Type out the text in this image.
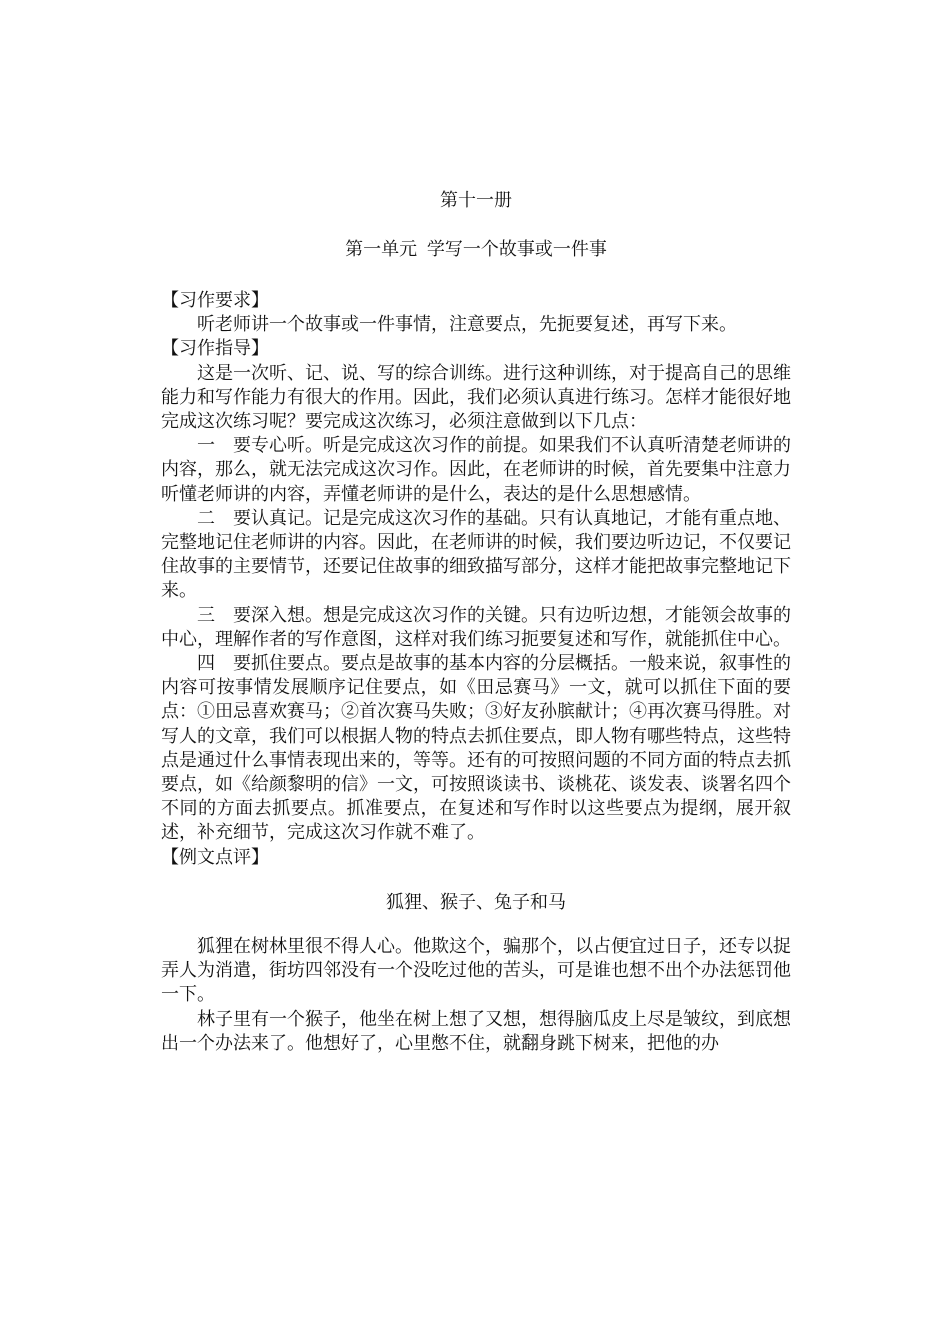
第十一册
第一单元 学写一个故事或一件事

【习作要求】

听老师讲一个故事或一件事情，注意要点，先扼要复述，再写下来。

【习作指导】

这是一次听、记、说、写的综合训练。进行这种训练，对于提高自己的思维能力和写作能力有很大的作用。因此，我们必须认真进行练习。怎样才能很好地完成这次练习呢？要完成这次练习，必须注意做到以下几点：

一　要专心听。听是完成这次习作的前提。如果我们不认真听清楚老师讲的内容，那么，就无法完成这次习作。因此，在老师讲的时候，首先要集中注意力听懂老师讲的内容，弄懂老师讲的是什么，表达的是什么思想感情。

二　要认真记。记是完成这次习作的基础。只有认真地记，才能有重点地、完整地记住老师讲的内容。因此，在老师讲的时候，我们要边听边记，不仅要记住故事的主要情节，还要记住故事的细致描写部分，这样才能把故事完整地记下来。

三　要深入想。想是完成这次习作的关键。只有边听边想，才能领会故事的中心，理解作者的写作意图，这样对我们练习扼要复述和写作，就能抓住中心。

四　要抓住要点。要点是故事的基本内容的分层概括。一般来说，叙事性的内容可按事情发展顺序记住要点，如《田忌赛马》一文，就可以抓住下面的要点：①田忌喜欢赛马；②首次赛马失败；③好友孙膑献计；④再次赛马得胜。对写人的文章，我们可以根据人物的特点去抓住要点，即人物有哪些特点，这些特点是通过什么事情表现出来的，等等。还有的可按照问题的不同方面的特点去抓要点，如《给颜黎明的信》一文，可按照谈读书、谈桃花、谈发表、谈署名四个不同的方面去抓要点。抓准要点，在复述和写作时以这些要点为提纲，展开叙述，补充细节，完成这次习作就不难了。

【例文点评】

狐狸、猴子、兔子和马

狐狸在树林里很不得人心。他欺这个，骗那个，以占便宜过日子，还专以捉弄人为消遣，街坊四邻没有一个没吃过他的苦头，可是谁也想不出个办法惩罚他一下。

林子里有一个猴子，他坐在树上想了又想，想得脑瓜皮上尽是皱纹，到底想出一个办法来了。他想好了，心里憋不住，就翻身跳下树来，把他的办
